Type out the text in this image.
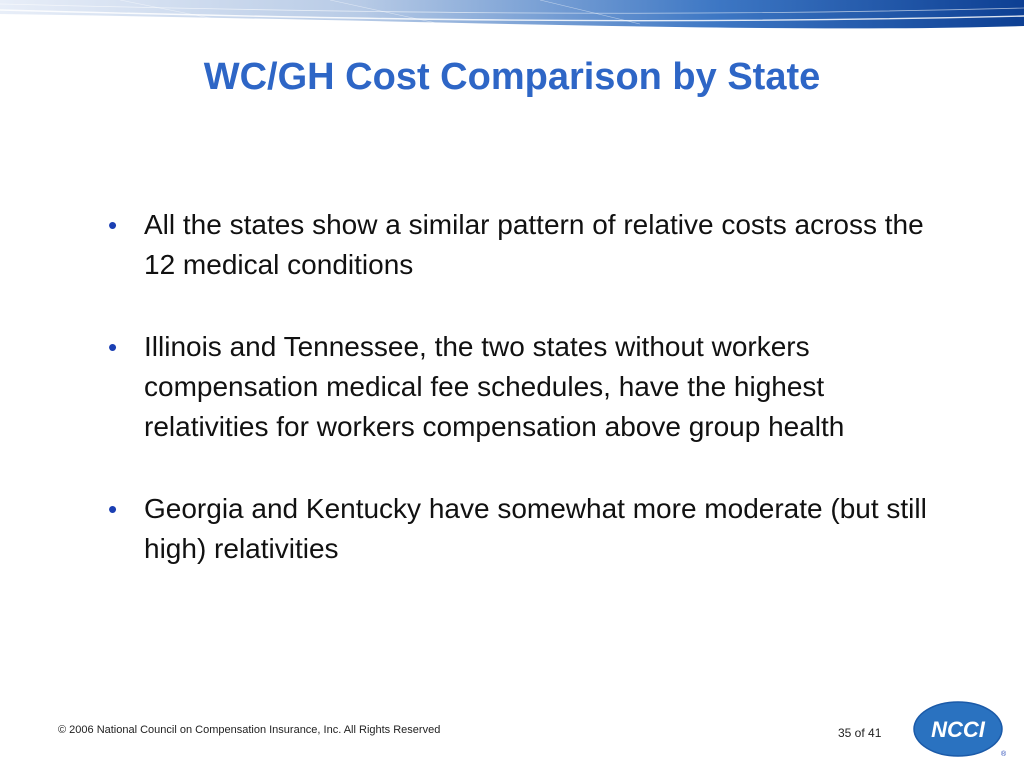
WC/GH Cost Comparison by State
• All the states show a similar pattern of relative costs across the 12 medical conditions
• Illinois and Tennessee, the two states without workers compensation medical fee schedules, have the highest relativities for workers compensation above group health
• Georgia and Kentucky have somewhat more moderate (but still high) relativities
© 2006 National Council on Compensation Insurance, Inc. All Rights Reserved	35 of 41 NCCI
®
